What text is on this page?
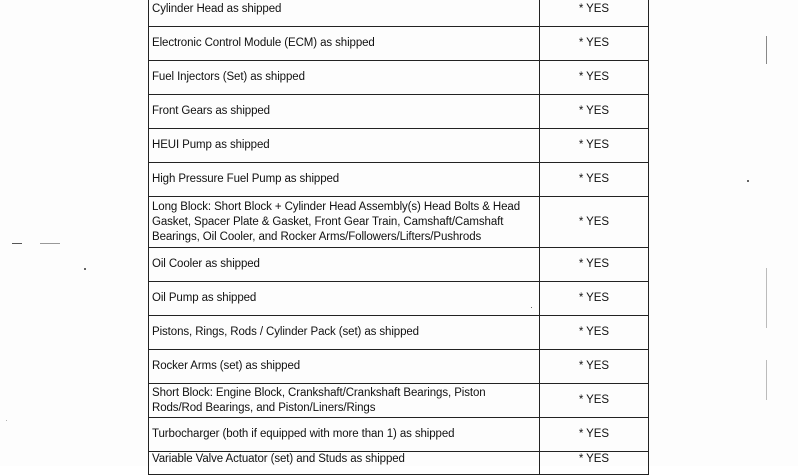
Cylinder Head as shipped	* YES
Electronic Control Module (ECM) as shipped	* YES
Fuel Injectors (Set) as shipped	* YES
Front Gears as shipped	* YES
HEUI Pump as shipped	* YES
High Pressure Fuel Pump as shipped	* YES
Long Block: Short Block + Cylinder Head Assembly(s) Head Bolts & Head Gasket, Spacer Plate & Gasket, Front Gear Train, Camshaft/Camshaft Bearings, Oil Cooler, and Rocker Arms/Followers/Lifters/Pushrods	* YES
Oil Cooler as shipped	* YES
Oil Pump as shipped	* YES
Pistons, Rings, Rods / Cylinder Pack (set) as shipped	* YES
Rocker Arms (set) as shipped	* YES
Short Block: Engine Block, Crankshaft/Crankshaft Bearings, Piston Rods/Rod Bearings, and Piston/Liners/Rings	* YES
Turbocharger (both if equipped with more than 1) as shipped	* YES
Variable Valve Actuator (set) and Studs as shipped	* YES
